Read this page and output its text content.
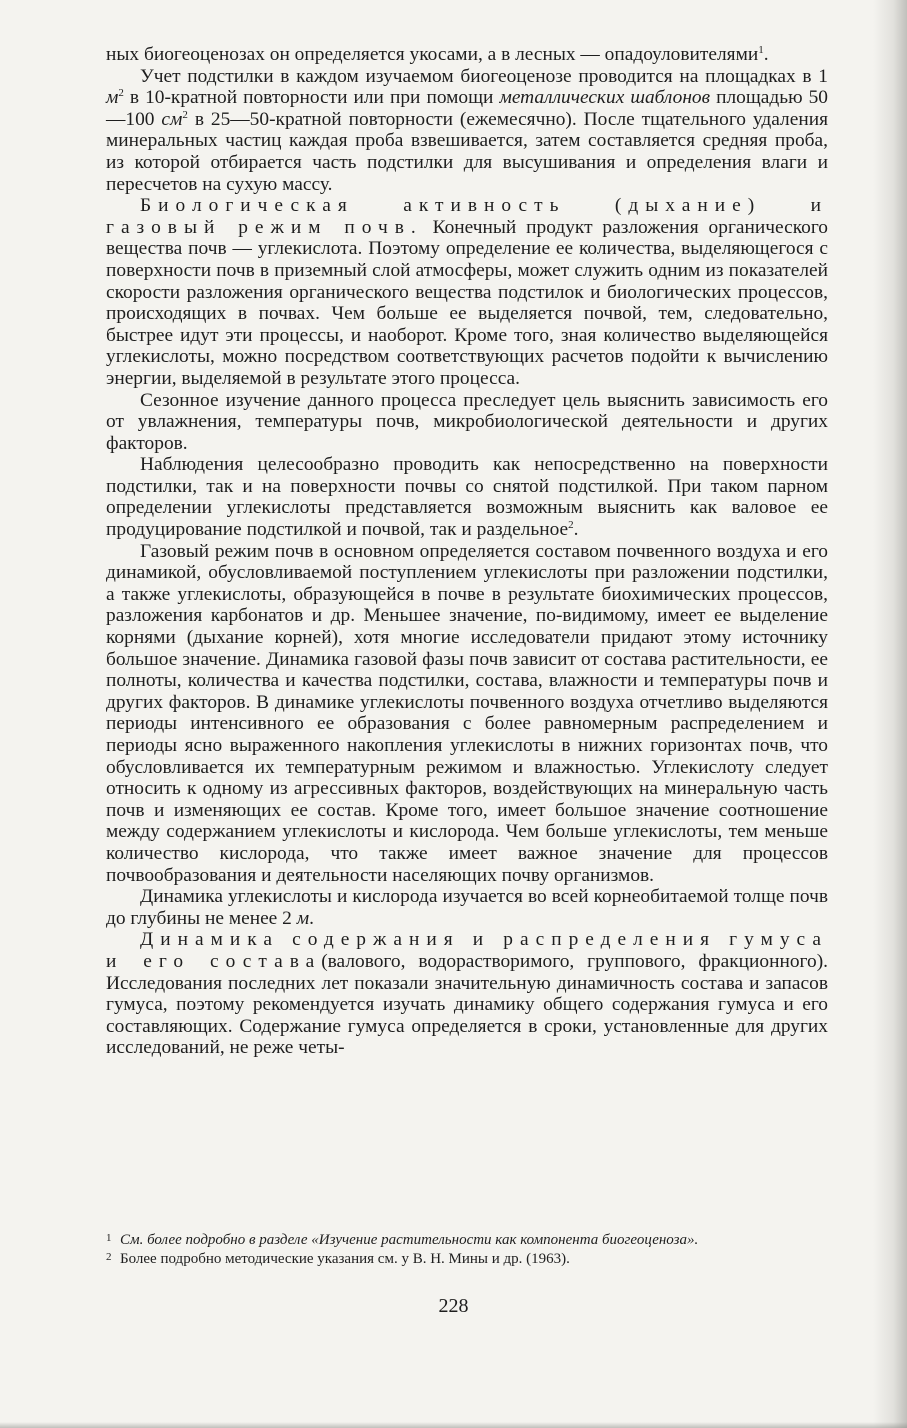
ных биогеоценозах он определяется укосами, а в лесных — опадоуловителями$^1$.

Учет подстилки в каждом изучаемом биогеоценозе проводится на площадках в 1 $м^2$ в 10-кратной повторности или при помощи металлических шаблонов площадью 50—100 $см^2$ в 25—50-кратной повторности (ежемесячно). После тщательного удаления минеральных частиц каждая проба взвешивается, затем составляется средняя проба, из которой отбирается часть подстилки для высушивания и определения влаги и пересчетов на сухую массу.

Биологическая активность (дыхание) и газовый режим почв. Конечный продукт разложения органического вещества почв — углекислота. Поэтому определение ее количества, выделяющегося с поверхности почв в приземный слой атмосферы, может служить одним из показателей скорости разложения органического вещества подстилок и биологических процессов, происходящих в почвах. Чем больше ее выделяется почвой, тем, следовательно, быстрее идут эти процессы, и наоборот. Кроме того, зная количество выделяющейся углекислоты, можно посредством соответствующих расчетов подойти к вычислению энергии, выделяемой в результате этого процесса.

Сезонное изучение данного процесса преследует цель выяснить зависимость его от увлажнения, температуры почв, микробиологической деятельности и других факторов.

Наблюдения целесообразно проводить как непосредственно на поверхности подстилки, так и на поверхности почвы со снятой подстилкой. При таком парном определении углекислоты представляется возможным выяснить как валовое ее продуцирование подстилкой и почвой, так и раздельное$^2$.

Газовый режим почв в основном определяется составом почвенного воздуха и его динамикой, обусловливаемой поступлением углекислоты при разложении подстилки, а также углекислоты, образующейся в почве в результате биохимических процессов, разложения карбонатов и др. Меньшее значение, по-видимому, имеет ее выделение корнями (дыхание корней), хотя многие исследователи придают этому источнику большое значение. Динамика газовой фазы почв зависит от состава растительности, ее полноты, количества и качества подстилки, состава, влажности и температуры почв и других факторов. В динамике углекислоты почвенного воздуха отчетливо выделяются периоды интенсивного ее образования с более равномерным распределением и периоды ясно выраженного накопления углекислоты в нижних горизонтах почв, что обусловливается их температурным режимом и влажностью. Углекислоту следует относить к одному из агрессивных факторов, воздействующих на минеральную часть почв и изменяющих ее состав. Кроме того, имеет большое значение соотношение между содержанием углекислоты и кислорода. Чем больше углекислоты, тем меньше количество кислорода, что также имеет важное значение для процессов почвообразования и деятельности населяющих почву организмов.

Динамика углекислоты и кислорода изучается во всей корнеобитаемой толще почв до глубины не менее 2 м.

Динамика содержания и распределения гумуса и его состава(валового, водорастворимого, группового, фракционного). Исследования последних лет показали значительную динамичность состава и запасов гумуса, поэтому рекомендуется изучать динамику общего содержания гумуса и его составляющих. Содержание гумуса определяется в сроки, установленные для других исследований, не реже четы-

1 См. более подробно в разделе «Изучение растительности как компонента биогеоценоза».
2 Более подробно методические указания см. у В. Н. Мины и др. (1963).
228
